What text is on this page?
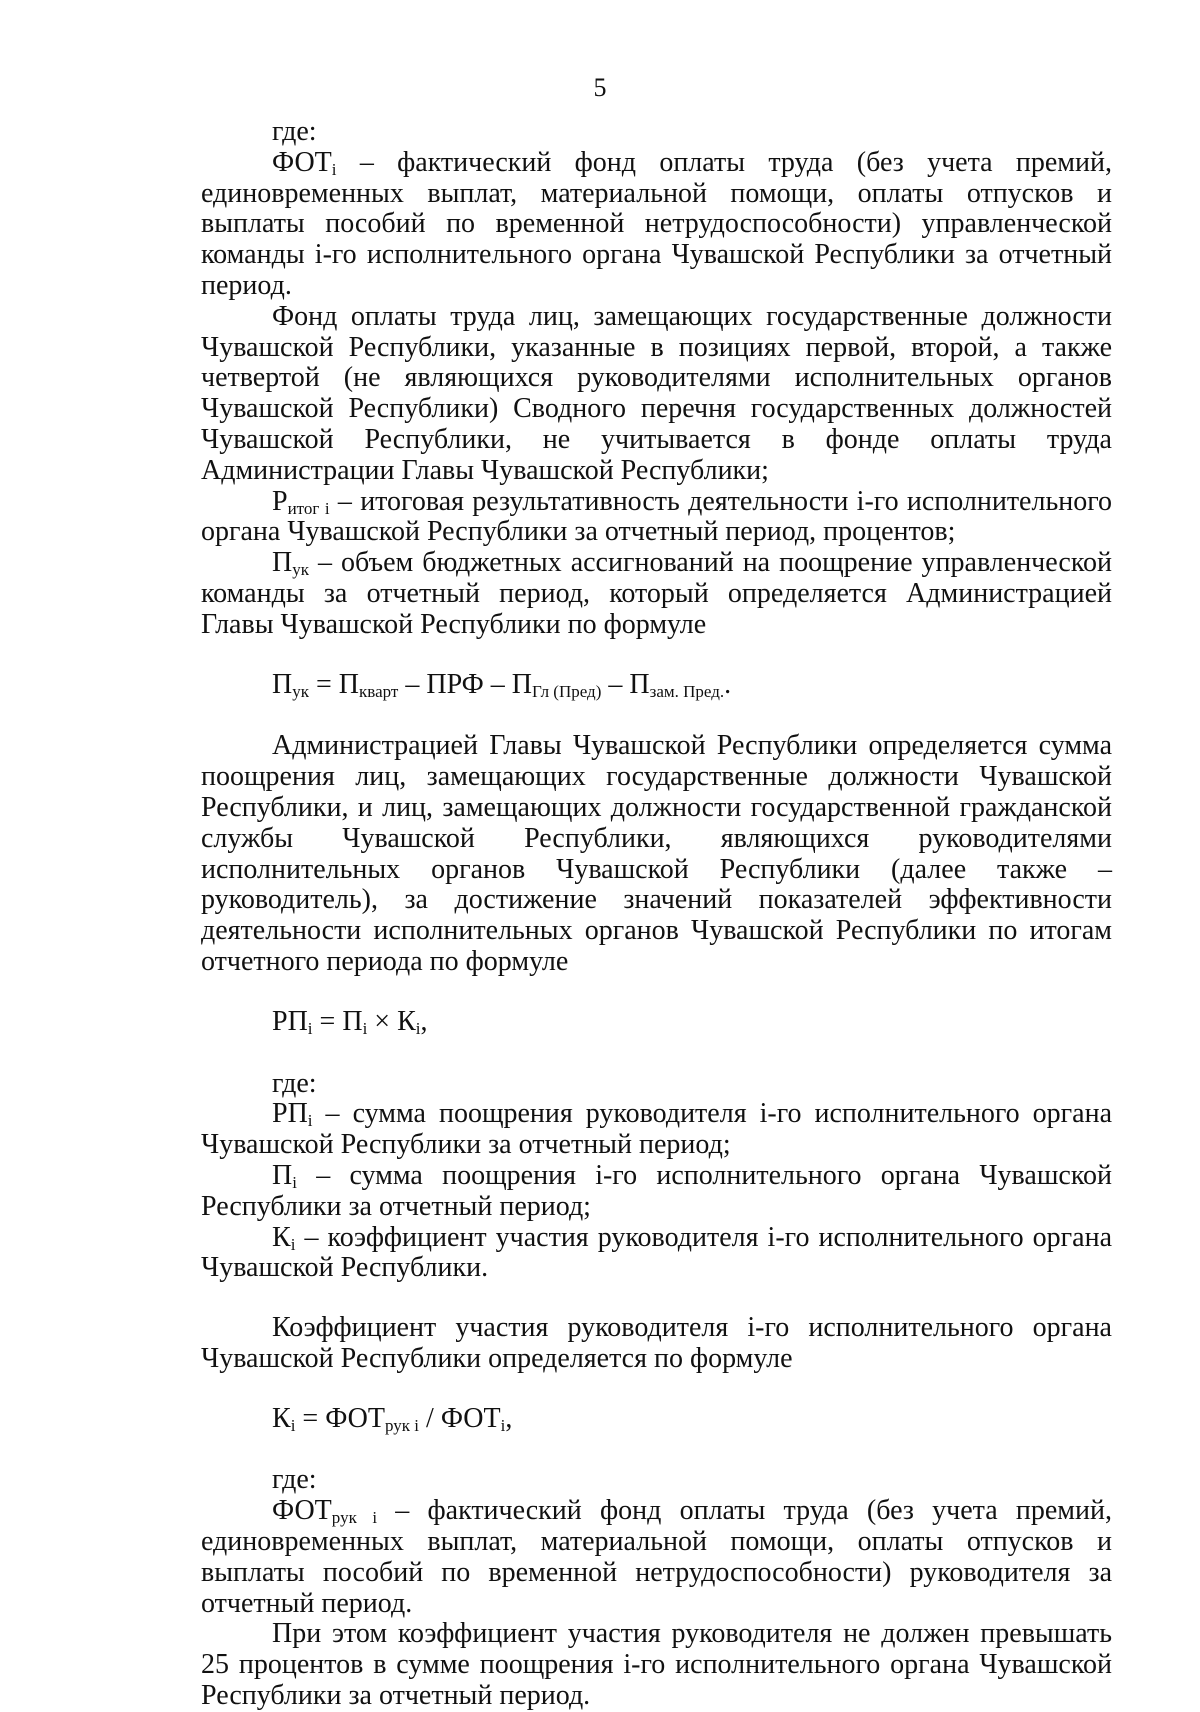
5

где:

$ФОТ_i$ – фактический фонд оплаты труда (без учета премий, единовременных выплат, материальной помощи, оплаты отпусков и выплаты пособий по временной нетрудоспособности) управленческой команды i-го исполнительного органа Чувашской Республики за отчетный период.

Фонд оплаты труда лиц, замещающих государственные должности Чувашской Республики, указанные в позициях первой, второй, а также четвертой (не являющихся руководителями исполнительных органов Чувашской Республики) Сводного перечня государственных должностей Чувашской Республики, не учитывается в фонде оплаты труда Администрации Главы Чувашской Республики;

$Р_{итог i}$ – итоговая результативность деятельности i-го исполнительного органа Чувашской Республики за отчетный период, процентов;

$П_{ук}$ – объем бюджетных ассигнований на поощрение управленческой команды за отчетный период, который определяется Администрацией Главы Чувашской Республики по формуле

$П_{ук} = П_{кварт}$ – ПРФ – $П_{Гл (Пред)} - П_{зам. Пред.}$.

Администрацией Главы Чувашской Республики определяется сумма поощрения лиц, замещающих государственные должности Чувашской Республики, и лиц, замещающих должности государственной гражданской службы Чувашской Республики, являющихся руководителями исполнительных органов Чувашской Республики (далее также – руководитель), за достижение значений показателей эффективности деятельности исполнительных органов Чувашской Республики по итогам отчетного периода по формуле

$РП_i = П_i \times К_i$,

где:

$РП_i$ – сумма поощрения руководителя i-го исполнительного органа Чувашской Республики за отчетный период;

$П_i$ – сумма поощрения i-го исполнительного органа Чувашской Республики за отчетный период;

$К_i$ – коэффициент участия руководителя i-го исполнительного органа Чувашской Республики.

Коэффициент участия руководителя i-го исполнительного органа Чувашской Республики определяется по формуле

$К_i = ФОТ_{рук i} / ФОТ_i$,

где:

$ФОТ_{рук i}$ – фактический фонд оплаты труда (без учета премий, единовременных выплат, материальной помощи, оплаты отпусков и выплаты пособий по временной нетрудоспособности) руководителя за отчетный период.

При этом коэффициент участия руководителя не должен превышать 25 процентов в сумме поощрения i-го исполнительного органа Чувашской Республики за отчетный период.
